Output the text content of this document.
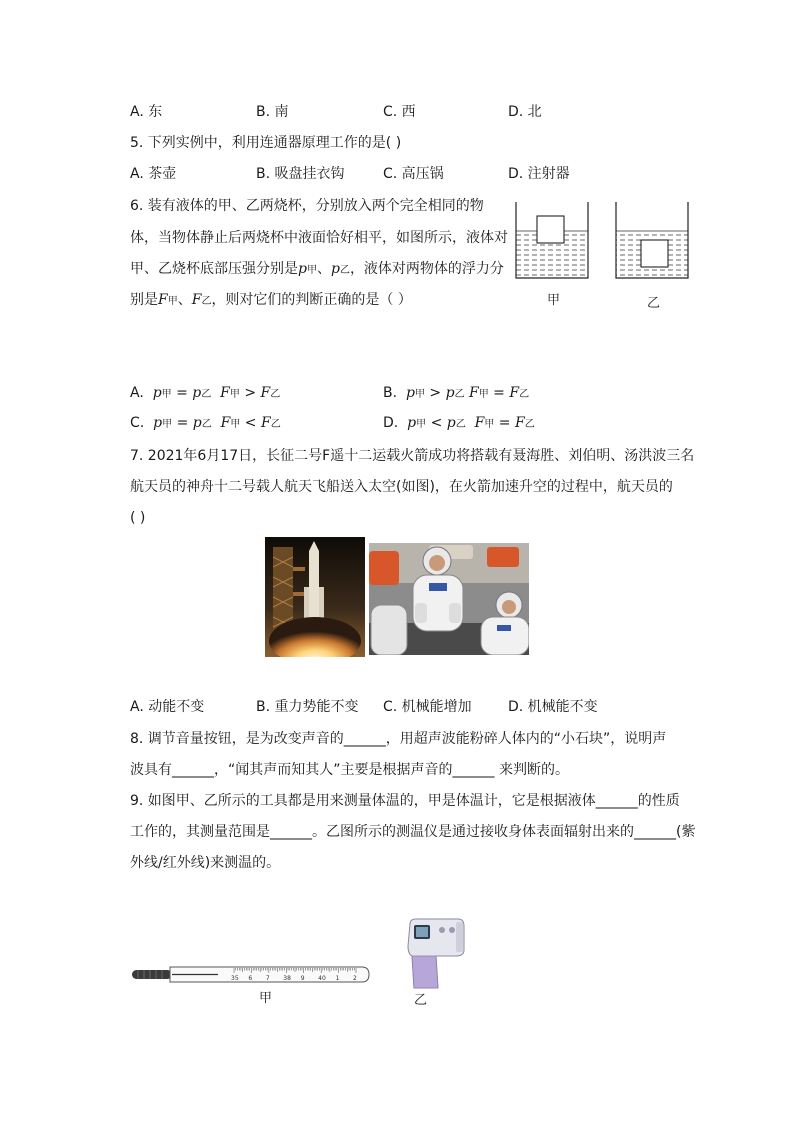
A. 东	B. 南	C. 西	D. 北
5. 下列实例中，利用连通器原理工作的是( )
A. 茶壶	B. 吸盘挂衣钩	C. 高压锅	D. 注射器
6. 装有液体的甲、乙两烧杯，分别放入两个完全相同的物
体，当物体静止后两烧杯中液面恰好相平，如图所示，液体对
甲、乙烧杯底部压强分别是p甲、p乙，液体对两物体的浮力分
别是F甲、F乙，则对它们的判断正确的是（ ）	甲	乙
A. p甲 = p乙 F甲 > F乙	B. p甲 > p乙 F甲 = F乙
C. p甲 = p乙 F甲 < F乙	D. p甲 < p乙 F甲 = F乙
7. 2021年6月17日，长征二号F遥十二运载火箭成功将搭载有聂海胜、刘伯明、汤洪波三名
航天员的神舟十二号载人航天飞船送入太空(如图)，在火箭加速升空的过程中，航天员的
( )
A. 动能不变	B. 重力势能不变 C. 机械能增加	D. 机械能不变
8. 调节音量按钮，是为改变声音的______，用超声波能粉碎人体内的“小石块”，说明声
波具有______，“闻其声而知其人”主要是根据声音的______ 来判断的。
9. 如图甲、乙所示的工具都是用来测量体温的，甲是体温计，它是根据液体______的性质
工作的，其测量范围是______。乙图所示的测温仪是通过接收身体表面辐射出来的______(紫
外线/红外线)来测温的。
35 6 7 38 9 40 1 2
甲	乙
